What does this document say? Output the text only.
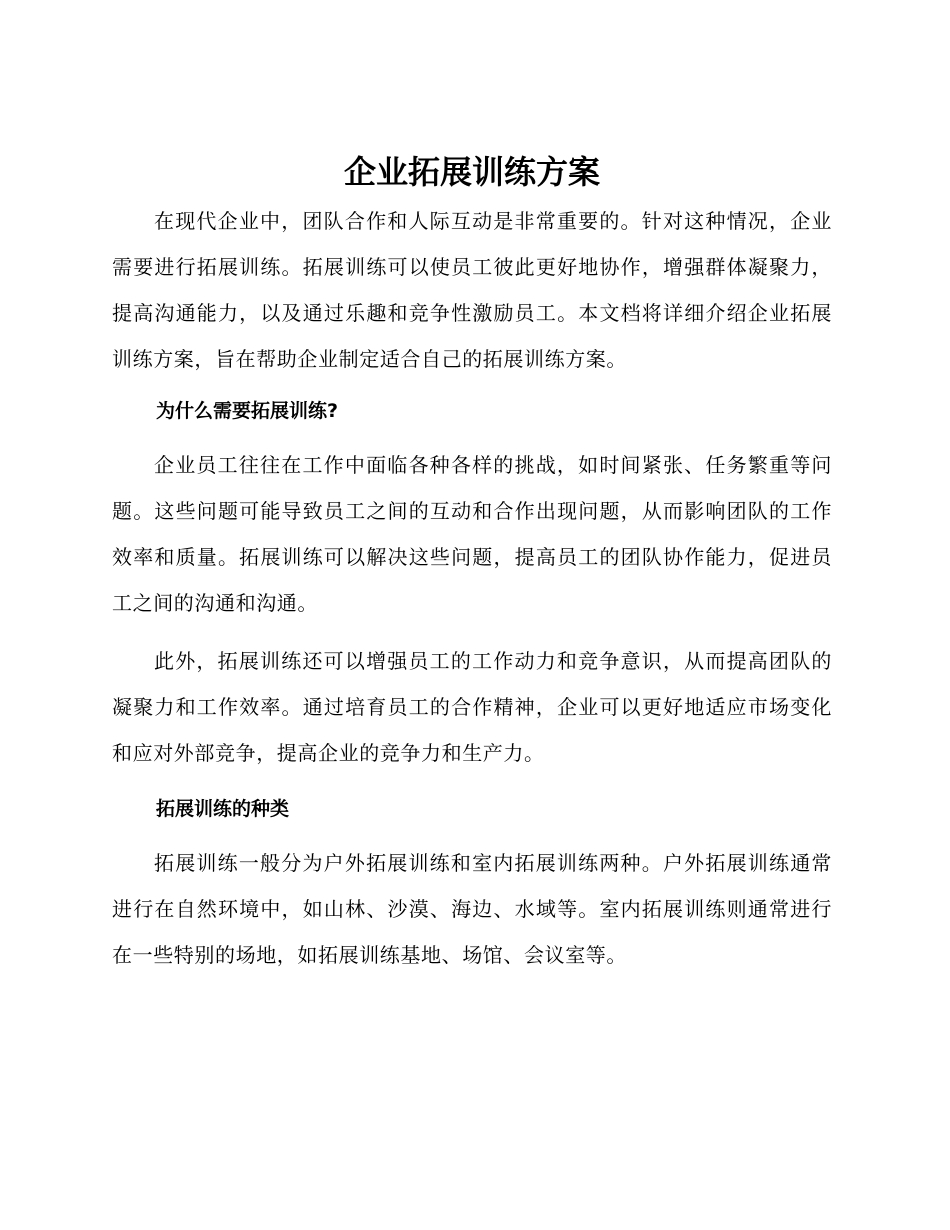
企业拓展训练方案

在现代企业中，团队合作和人际互动是非常重要的。针对这种情况，企业需要进行拓展训练。拓展训练可以使员工彼此更好地协作，增强群体凝聚力，提高沟通能力，以及通过乐趣和竞争性激励员工。本文档将详细介绍企业拓展训练方案，旨在帮助企业制定适合自己的拓展训练方案。

为什么需要拓展训练?

企业员工往往在工作中面临各种各样的挑战，如时间紧张、任务繁重等问题。这些问题可能导致员工之间的互动和合作出现问题，从而影响团队的工作效率和质量。拓展训练可以解决这些问题，提高员工的团队协作能力，促进员工之间的沟通和沟通。

此外，拓展训练还可以增强员工的工作动力和竞争意识，从而提高团队的凝聚力和工作效率。通过培育员工的合作精神，企业可以更好地适应市场变化和应对外部竞争，提高企业的竞争力和生产力。

拓展训练的种类

拓展训练一般分为户外拓展训练和室内拓展训练两种。户外拓展训练通常进行在自然环境中，如山林、沙漠、海边、水域等。室内拓展训练则通常进行在一些特别的场地，如拓展训练基地、场馆、会议室等。
